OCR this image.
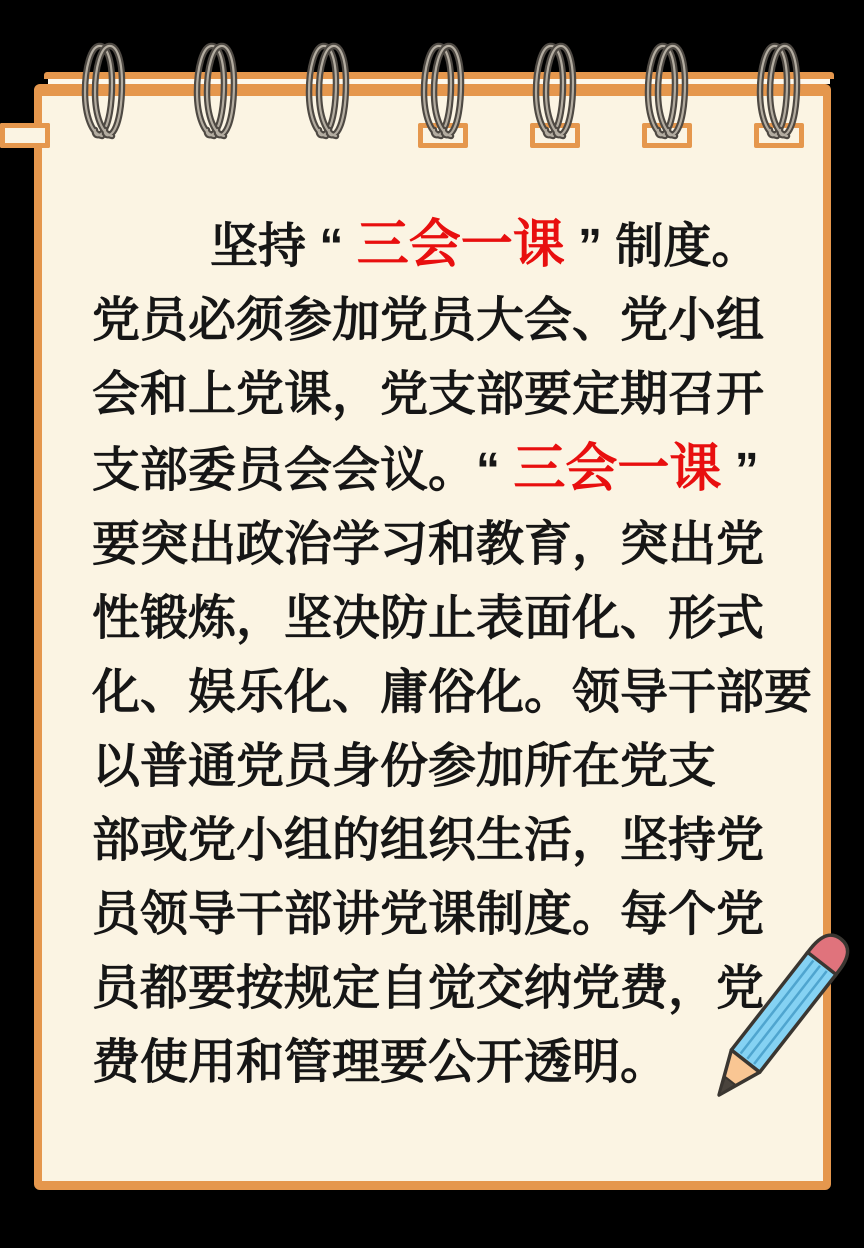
坚持 “ 三会一课 ” 制度。
党员必须参加党员大会、党小组
会和上党课，党支部要定期召开
支部委员会会议。“ 三会一课 ”
要突出政治学习和教育，突出党
性锻炼，坚决防止表面化、形式
化、娱乐化、庸俗化。领导干部要
以普通党员身份参加所在党支
部或党小组的组织生活，坚持党
员领导干部讲党课制度。每个党
员都要按规定自觉交纳党费，党
费使用和管理要公开透明。
